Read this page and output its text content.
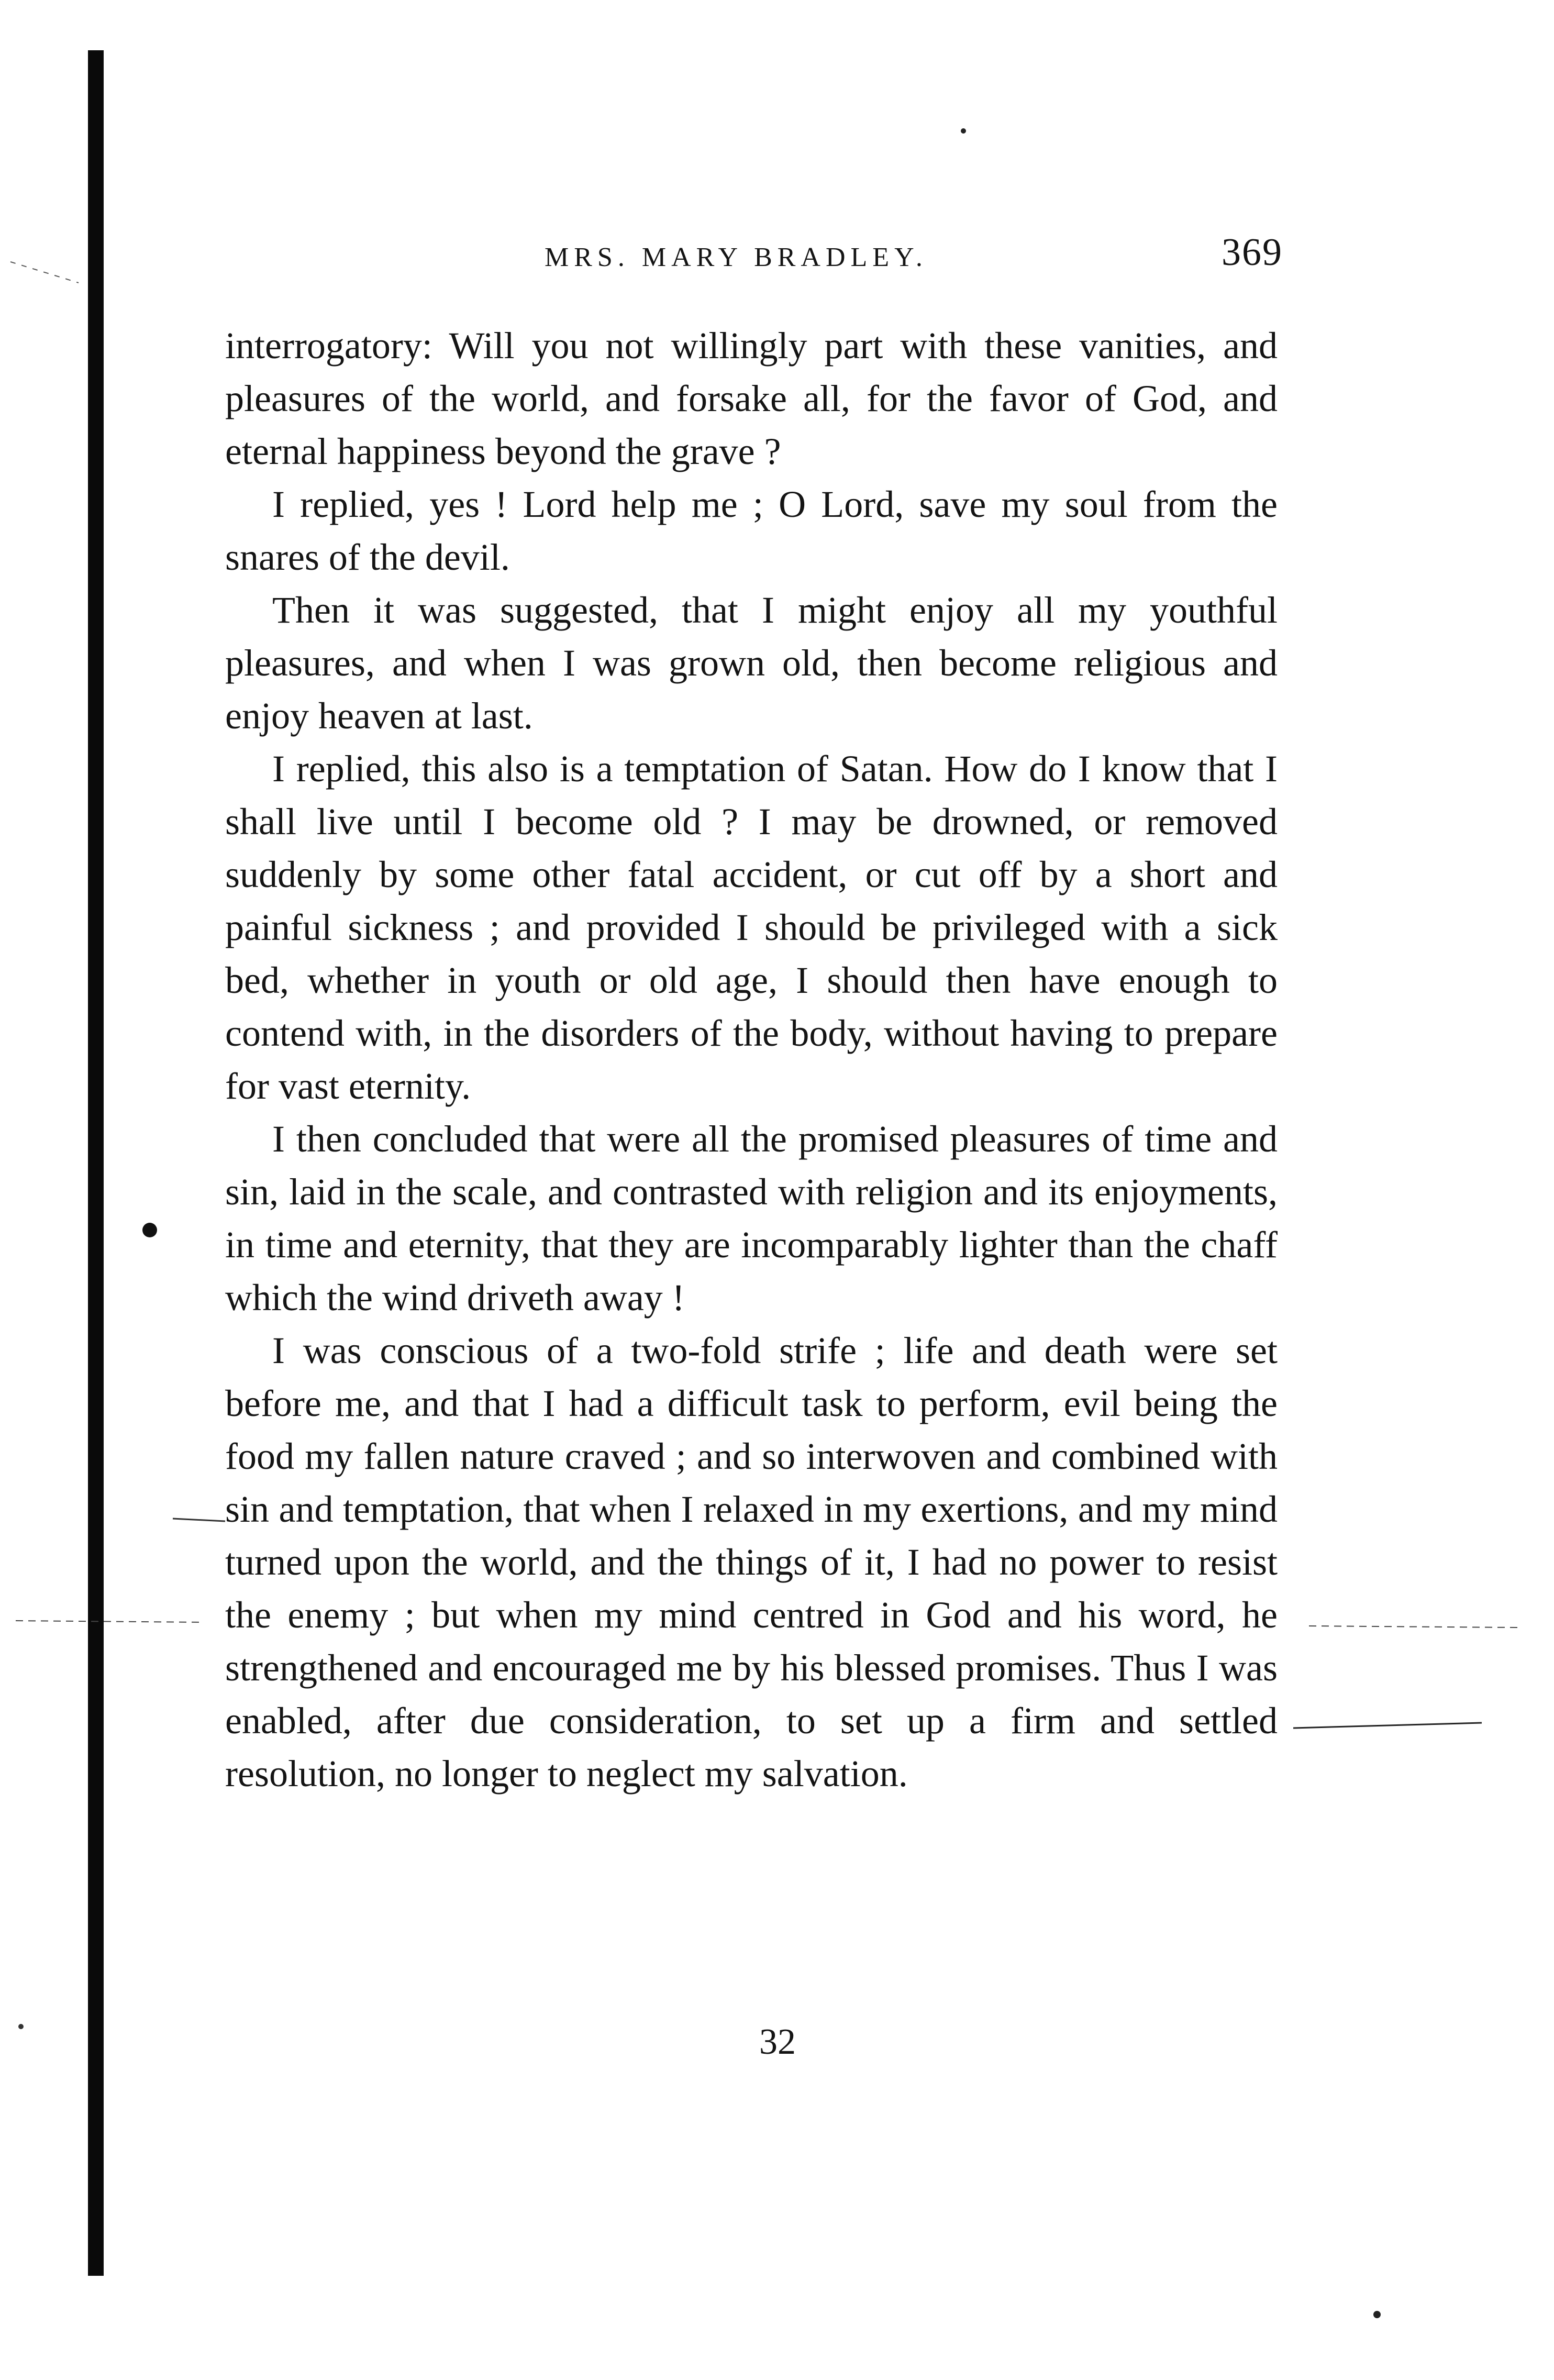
MRS. MARY BRADLEY.	369

interrogatory: Will you not willingly part with these vanities, and pleasures of the world, and forsake all, for the favor of God, and eternal happiness beyond the grave ?

I replied, yes ! Lord help me ; O Lord, save my soul from the snares of the devil.

Then it was suggested, that I might enjoy all my youthful pleasures, and when I was grown old, then become religious and enjoy heaven at last.

I replied, this also is a temptation of Satan. How do I know that I shall live until I become old ? I may be drowned, or removed suddenly by some other fatal accident, or cut off by a short and painful sickness ; and provided I should be privileged with a sick bed, whether in youth or old age, I should then have enough to contend with, in the disorders of the body, without having to prepare for vast eternity.

I then concluded that were all the promised pleasures of time and sin, laid in the scale, and contrasted with religion and its enjoyments, in time and eternity, that they are incomparably lighter than the chaff which the wind driveth away !

I was conscious of a two-fold strife ; life and death were set before me, and that I had a difficult task to perform, evil being the food my fallen nature craved ; and so interwoven and combined with sin and temptation, that when I relaxed in my exertions, and my mind turned upon the world, and the things of it, I had no power to resist the enemy ; but when my mind centred in God and his word, he strengthened and encouraged me by his blessed promises. Thus I was enabled, after due consideration, to set up a firm and settled resolution, no longer to neglect my salvation.

32
